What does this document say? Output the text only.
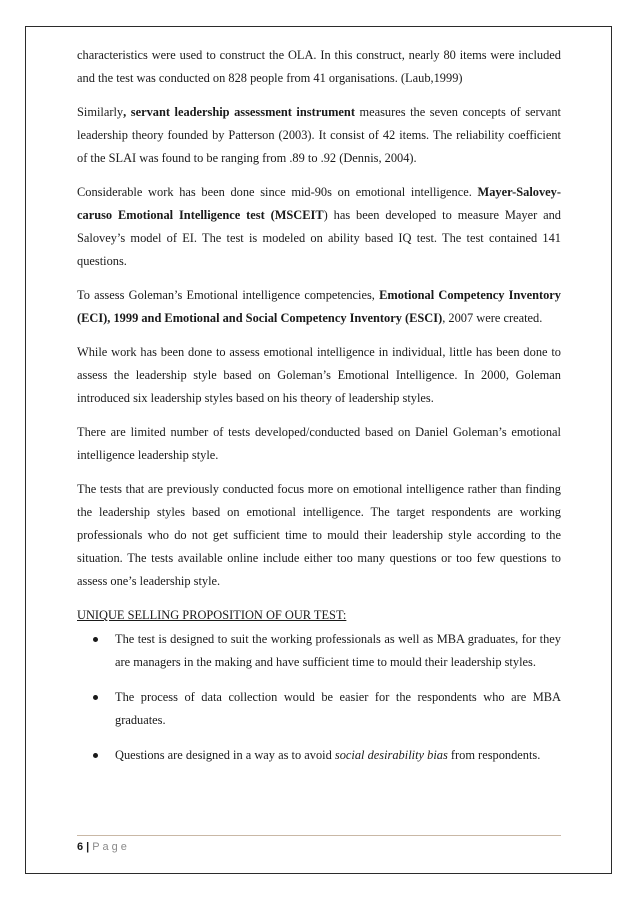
characteristics were used to construct the OLA. In this construct, nearly 80 items were included and the test was conducted on 828 people from 41 organisations. (Laub,1999)

Similarly, servant leadership assessment instrument measures the seven concepts of servant leadership theory founded by Patterson (2003). It consist of 42 items. The reliability coefficient of the SLAI was found to be ranging from .89 to .92 (Dennis, 2004).

Considerable work has been done since mid-90s on emotional intelligence. Mayer-Salovey-caruso Emotional Intelligence test (MSCEIT) has been developed to measure Mayer and Salovey’s model of EI. The test is modeled on ability based IQ test. The test contained 141 questions.

To assess Goleman’s Emotional intelligence competencies, Emotional Competency Inventory (ECI), 1999 and Emotional and Social Competency Inventory (ESCI), 2007 were created.

While work has been done to assess emotional intelligence in individual, little has been done to assess the leadership style based on Goleman’s Emotional Intelligence. In 2000, Goleman introduced six leadership styles based on his theory of leadership styles.

There are limited number of tests developed/conducted based on Daniel Goleman’s emotional intelligence leadership style.

The tests that are previously conducted focus more on emotional intelligence rather than finding the leadership styles based on emotional intelligence. The target respondents are working professionals who do not get sufficient time to mould their leadership style according to the situation. The tests available online include either too many questions or too few questions to assess one’s leadership style.

UNIQUE SELLING PROPOSITION OF OUR TEST:
The test is designed to suit the working professionals as well as MBA graduates, for they are managers in the making and have sufficient time to mould their leadership styles.
The process of data collection would be easier for the respondents who are MBA graduates.
Questions are designed in a way as to avoid social desirability bias from respondents.
6 | Page
